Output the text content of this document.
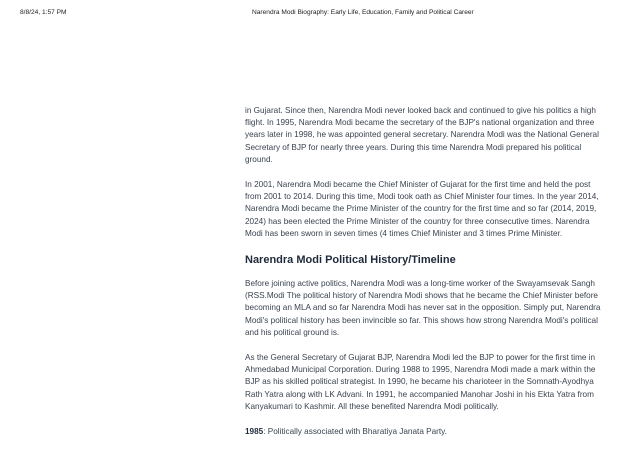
8/8/24, 1:57 PM	Narendra Modi Biography: Early Life, Education, Family and Political Career

in Gujarat. Since then, Narendra Modi never looked back and continued to give his politics a high flight. In 1995, Narendra Modi became the secretary of the BJP's national organization and three years later in 1998, he was appointed general secretary. Narendra Modi was the National General Secretary of BJP for nearly three years. During this time Narendra Modi prepared his political ground.

In 2001, Narendra Modi became the Chief Minister of Gujarat for the first time and held the post from 2001 to 2014. During this time, Modi took oath as Chief Minister four times. In the year 2014, Narendra Modi became the Prime Minister of the country for the first time and so far (2014, 2019, 2024) has been elected the Prime Minister of the country for three consecutive times. Narendra Modi has been sworn in seven times (4 times Chief Minister and 3 times Prime Minister.

Narendra Modi Political History/Timeline

Before joining active politics, Narendra Modi was a long-time worker of the Swayamsevak Sangh (RSS.Modi The political history of Narendra Modi shows that he became the Chief Minister before becoming an MLA and so far Narendra Modi has never sat in the opposition. Simply put, Narendra Modi's political history has been invincible so far. This shows how strong Narendra Modi's political and his political ground is.

As the General Secretary of Gujarat BJP, Narendra Modi led the BJP to power for the first time in Ahmedabad Municipal Corporation. During 1988 to 1995, Narendra Modi made a mark within the BJP as his skilled political strategist. In 1990, he became his charioteer in the Somnath-Ayodhya Rath Yatra along with LK Advani. In 1991, he accompanied Manohar Joshi in his Ekta Yatra from Kanyakumari to Kashmir. All these benefited Narendra Modi politically.

1985: Politically associated with Bharatiya Janata Party.
